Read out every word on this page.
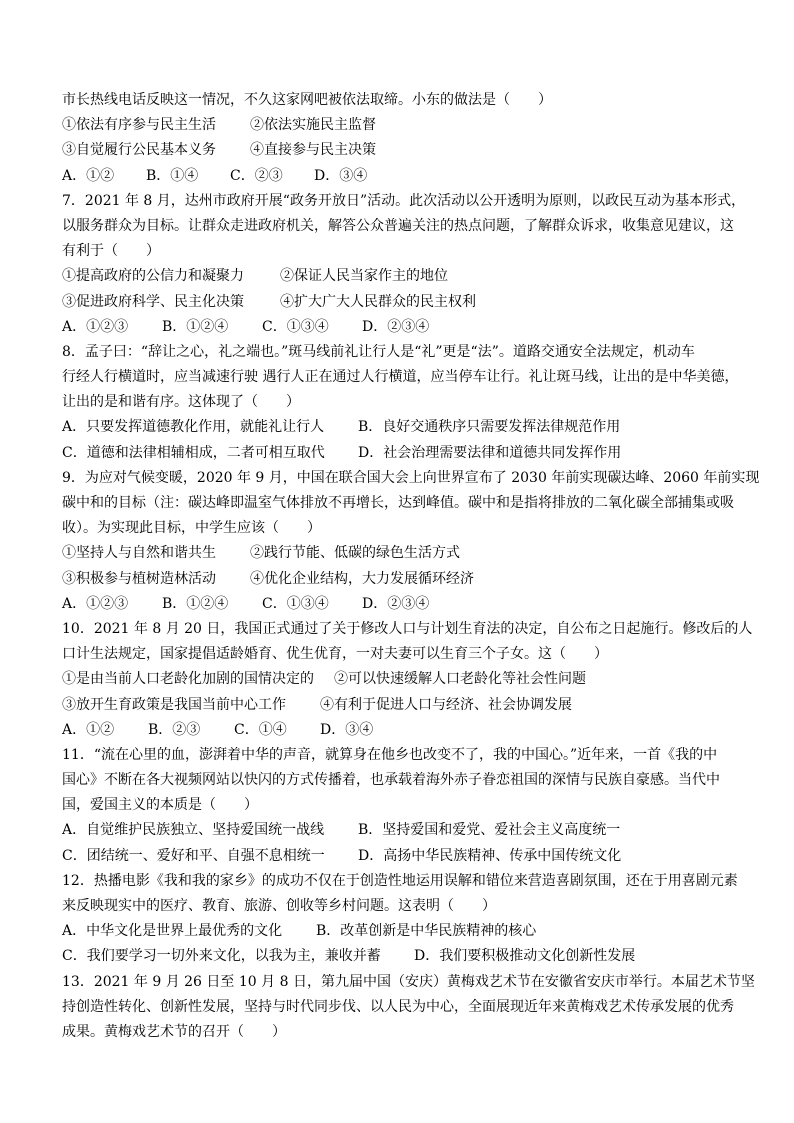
市长热线电话反映这一情况，不久这家网吧被依法取缔。小东的做法是（　　）
①依法有序参与民主生活	②依法实施民主监督
③自觉履行公民基本义务	④直接参与民主决策
A．①②	B．①④	C．②③	D．③④
7．2021 年 8 月，达州市政府开展“政务开放日”活动。此次活动以公开透明为原则，以政民互动为基本形式，
以服务群众为目标。让群众走进政府机关，解答公众普遍关注的热点问题，了解群众诉求，收集意见建议，这
有利于（　　）
①提高政府的公信力和凝聚力	②保证人民当家作主的地位
③促进政府科学、民主化决策	④扩大广大人民群众的民主权利
A．①②③	B．①②④	C．①③④	D．②③④
8．孟子曰：“辞让之心，礼之端也。”斑马线前礼让行人是“礼”更是“法”。道路交通安全法规定，机动车
行经人行横道时，应当减速行驶 遇行人正在通过人行横道，应当停车让行。礼让斑马线，让出的是中华美德，
让出的是和谐有序。这体现了（　　）
A．只要发挥道德教化作用，就能礼让行人	B．良好交通秩序只需要发挥法律规范作用
C．道德和法律相辅相成，二者可相互取代	D．社会治理需要法律和道德共同发挥作用
9．为应对气候变暖，2020 年 9 月，中国在联合国大会上向世界宣布了 2030 年前实现碳达峰、2060 年前实现
碳中和的目标（注：碳达峰即温室气体排放不再增长，达到峰值。碳中和是指将排放的二氧化碳全部捕集或吸
收）。为实现此目标，中学生应该（　　）
①坚持人与自然和谐共生	②践行节能、低碳的绿色生活方式
③积极参与植树造林活动	④优化企业结构，大力发展循环经济
A．①②③	B．①②④	C．①③④	D．②③④
10．2021 年 8 月 20 日，我国正式通过了关于修改人口与计划生育法的决定，自公布之日起施行。修改后的人
口计生法规定，国家提倡适龄婚育、优生优育，一对夫妻可以生育三个子女。这（　　）
①是由当前人口老龄化加剧的国情决定的	②可以快速缓解人口老龄化等社会性问题
③放开生育政策是我国当前中心工作	④有利于促进人口与经济、社会协调发展
A．①②	B．②③	C．①④	D．③④
11．“流在心里的血，澎湃着中华的声音，就算身在他乡也改变不了，我的中国心。”近年来，一首《我的中
国心》不断在各大视频网站以快闪的方式传播着，也承载着海外赤子眷恋祖国的深情与民族自豪感。当代中
国，爱国主义的本质是（　　）
A．自觉维护民族独立、坚持爱国统一战线	B．坚持爱国和爱党、爱社会主义高度统一
C．团结统一、爱好和平、自强不息相统一	D．高扬中华民族精神、传承中国传统文化
12．热播电影《我和我的家乡》的成功不仅在于创造性地运用误解和错位来营造喜剧氛围，还在于用喜剧元素
来反映现实中的医疗、教育、旅游、创收等乡村问题。这表明（　　）
A．中华文化是世界上最优秀的文化	B．改革创新是中华民族精神的核心
C．我们要学习一切外来文化，以我为主，兼收并蓄	D．我们要积极推动文化创新性发展
13．2021 年 9 月 26 日至 10 月 8 日，第九届中国（安庆）黄梅戏艺术节在安徽省安庆市举行。本届艺术节坚
持创造性转化、创新性发展，坚持与时代同步伐、以人民为中心，全面展现近年来黄梅戏艺术传承发展的优秀
成果。黄梅戏艺术节的召开（　　）
